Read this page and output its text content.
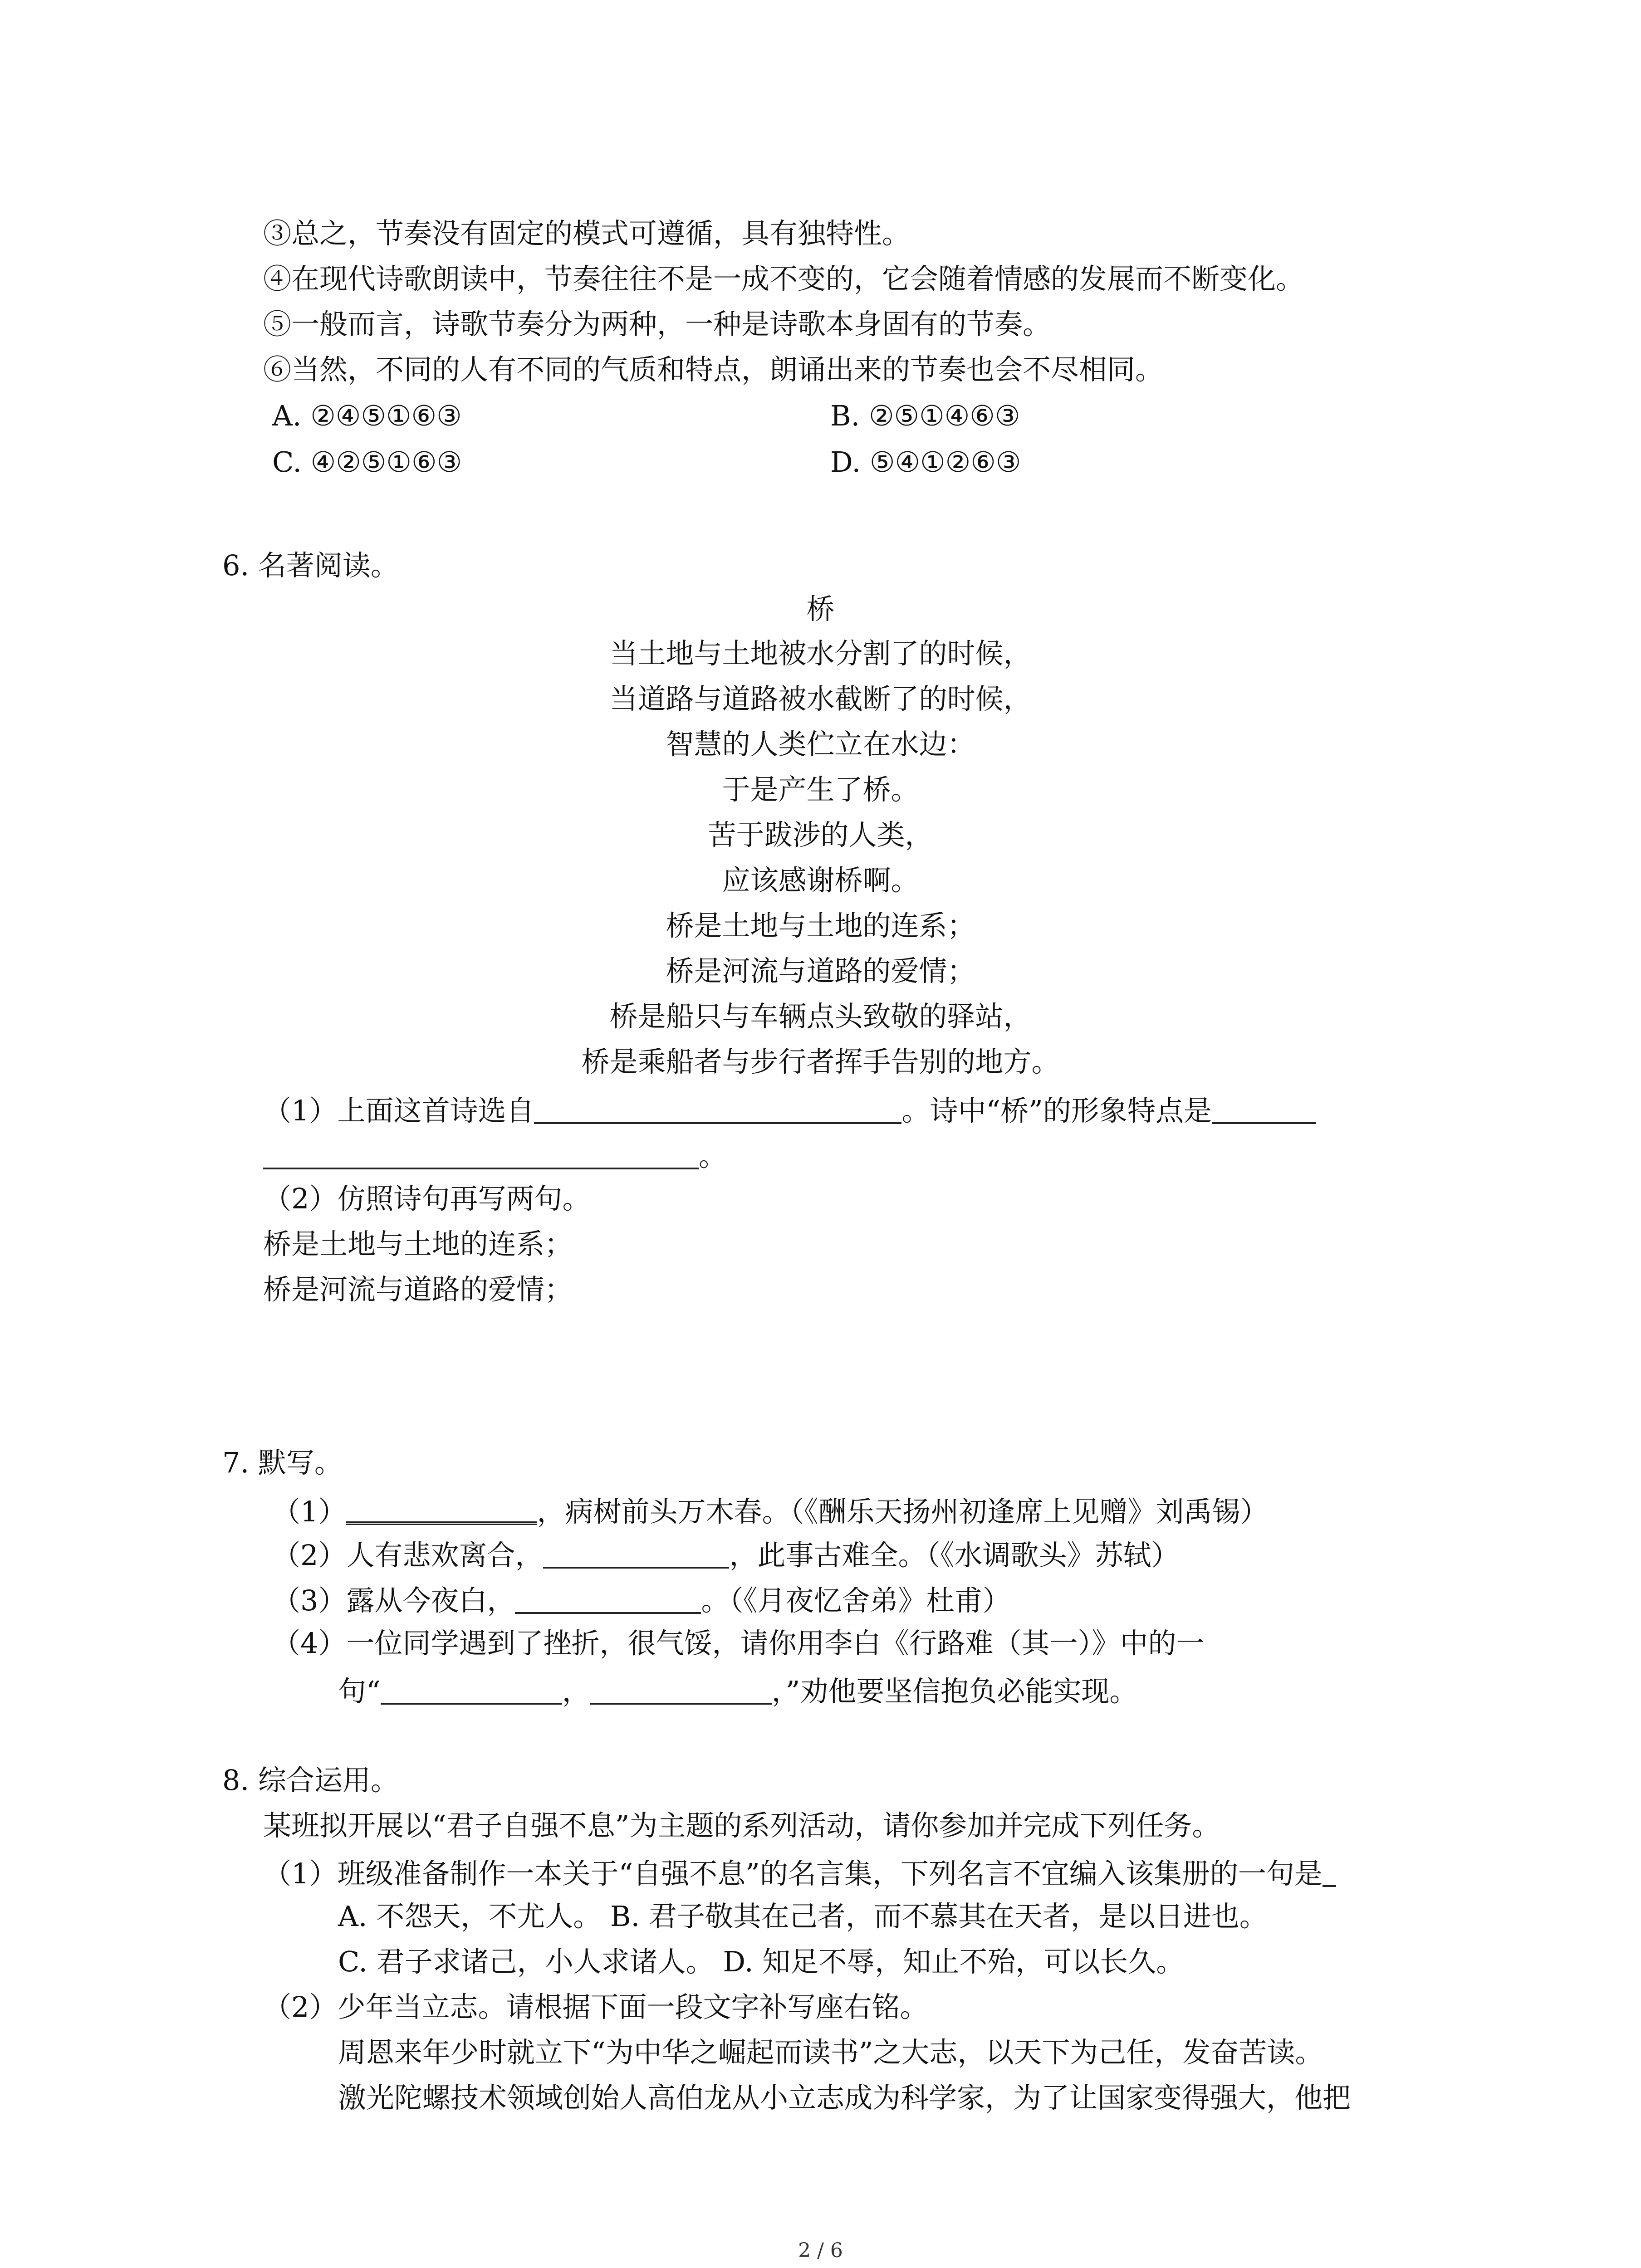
③总之，节奏没有固定的模式可遵循，具有独特性。
④在现代诗歌朗读中，节奏往往不是一成不变的，它会随着情感的发展而不断变化。
⑤一般而言，诗歌节奏分为两种，一种是诗歌本身固有的节奏。
⑥当然，不同的人有不同的气质和特点，朗诵出来的节奏也会不尽相同。
A. ②④⑤①⑥③	B. ②⑤①④⑥③
C. ④②⑤①⑥③	D. ⑤④①②⑥③
6. 名著阅读。
桥
当土地与土地被水分割了的时候，
当道路与道路被水截断了的时候，
智慧的人类伫立在水边：
于是产生了桥。
苦于跋涉的人类，
应该感谢桥啊。
桥是土地与土地的连系；
桥是河流与道路的爱情；
桥是船只与车辆点头致敬的驿站，
桥是乘船者与步行者挥手告别的地方。
（1）上面这首诗选自	。诗中“桥”的形象特点是
。
（2）仿照诗句再写两句。
桥是土地与土地的连系；
桥是河流与道路的爱情；
7. 默写。
（1）	，病树前头万木春。（《酬乐天扬州初逢席上见赠》刘禹锡）
（2）人有悲欢离合，	，此事古难全。（《水调歌头》苏轼）
（3）露从今夜白，	。（《月夜忆舍弟》杜甫）
（4）一位同学遇到了挫折，很气馁，请你用李白《行路难（其一）》中的一
句“	，	，”劝他要坚信抱负必能实现。
8. 综合运用。
某班拟开展以“君子自强不息”为主题的系列活动，请你参加并完成下列任务。
（1）班级准备制作一本关于“自强不息”的名言集，下列名言不宜编入该集册的一句是
A. 不怨天，不尤人。 B. 君子敬其在己者，而不慕其在天者，是以日进也。
C. 君子求诸己，小人求诸人。 D. 知足不辱，知止不殆，可以长久。
（2）少年当立志。请根据下面一段文字补写座右铭。
周恩来年少时就立下“为中华之崛起而读书”之大志，以天下为己任，发奋苦读。
激光陀螺技术领域创始人高伯龙从小立志成为科学家，为了让国家变得强大，他把
2 / 6
